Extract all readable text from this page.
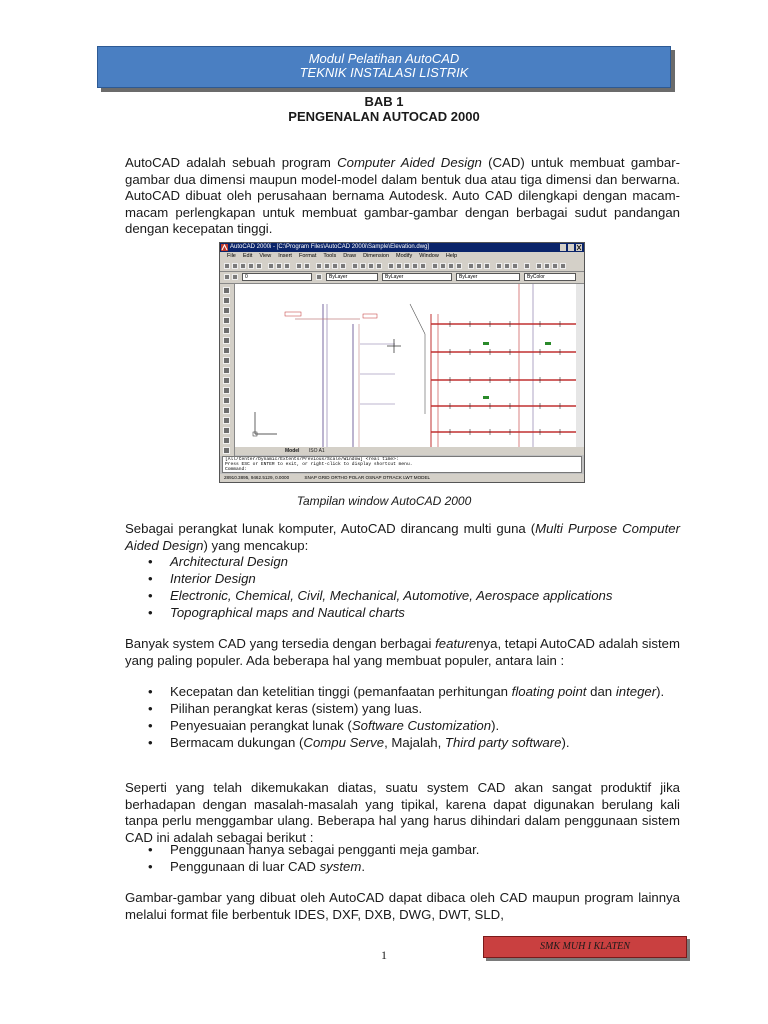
Modul Pelatihan AutoCAD
TEKNIK INSTALASI LISTRIK
BAB 1
PENGENALAN AUTOCAD 2000

AutoCAD adalah sebuah program Computer Aided Design (CAD) untuk membuat gambar-gambar dua dimensi maupun model-model dalam bentuk dua atau tiga dimensi dan berwarna. AutoCAD dibuat oleh perusahaan bernama Autodesk. Auto CAD dilengkapi dengan macam-macam perlengkapan untuk membuat gambar-gambar dengan berbagai sudut pandangan dengan kecepatan tinggi.

AutoCAD 2000i - [C:\Program Files\AutoCAD 2000i\Sample\Elevation.dwg]
File Edit View Insert Format Tools Draw Dimension Modify Window Help
0	ByLayer	ByLayer	ByLayer	ByColor
Model ISO A1
[All/Center/Dynamic/Extents/Previous/Scale/Window] <real time>:
Press ESC or ENTER to exit, or right-click to display shortcut menu.
Command:
28910.3895, 9462.5129, 0.0000	SNAP GRID ORTHO POLAR OSNAP OTRACK LWT MODEL
Tampilan window AutoCAD 2000

Sebagai perangkat lunak komputer, AutoCAD dirancang multi guna (Multi Purpose Computer Aided Design) yang mencakup:

• Architectural Design
• Interior Design
• Electronic, Chemical, Civil, Mechanical, Automotive, Aerospace applications
• Topographical maps and Nautical charts

Banyak system CAD yang tersedia dengan berbagai featurenya, tetapi AutoCAD adalah sistem yang paling populer. Ada beberapa hal yang membuat populer, antara lain :

• Kecepatan dan ketelitian tinggi (pemanfaatan perhitungan floating point dan integer).
• Pilihan perangkat keras (sistem) yang luas.
• Penyesuaian perangkat lunak (Software Customization).
• Bermacam dukungan (Compu Serve, Majalah, Third party software).

Seperti yang telah dikemukakan diatas, suatu system CAD akan sangat produktif jika berhadapan dengan masalah-masalah yang tipikal, karena dapat digunakan berulang kali tanpa perlu menggambar ulang. Beberapa hal yang harus dihindari dalam penggunaan sistem CAD ini adalah sebagai berikut :

• Penggunaan hanya sebagai pengganti meja gambar.
• Penggunaan di luar CAD system.

Gambar-gambar yang dibuat oleh AutoCAD dapat dibaca oleh CAD maupun program lainnya melalui format file berbentuk IDES, DXF, DXB, DWG, DWT, SLD,

SMK MUH I KLATEN
1
